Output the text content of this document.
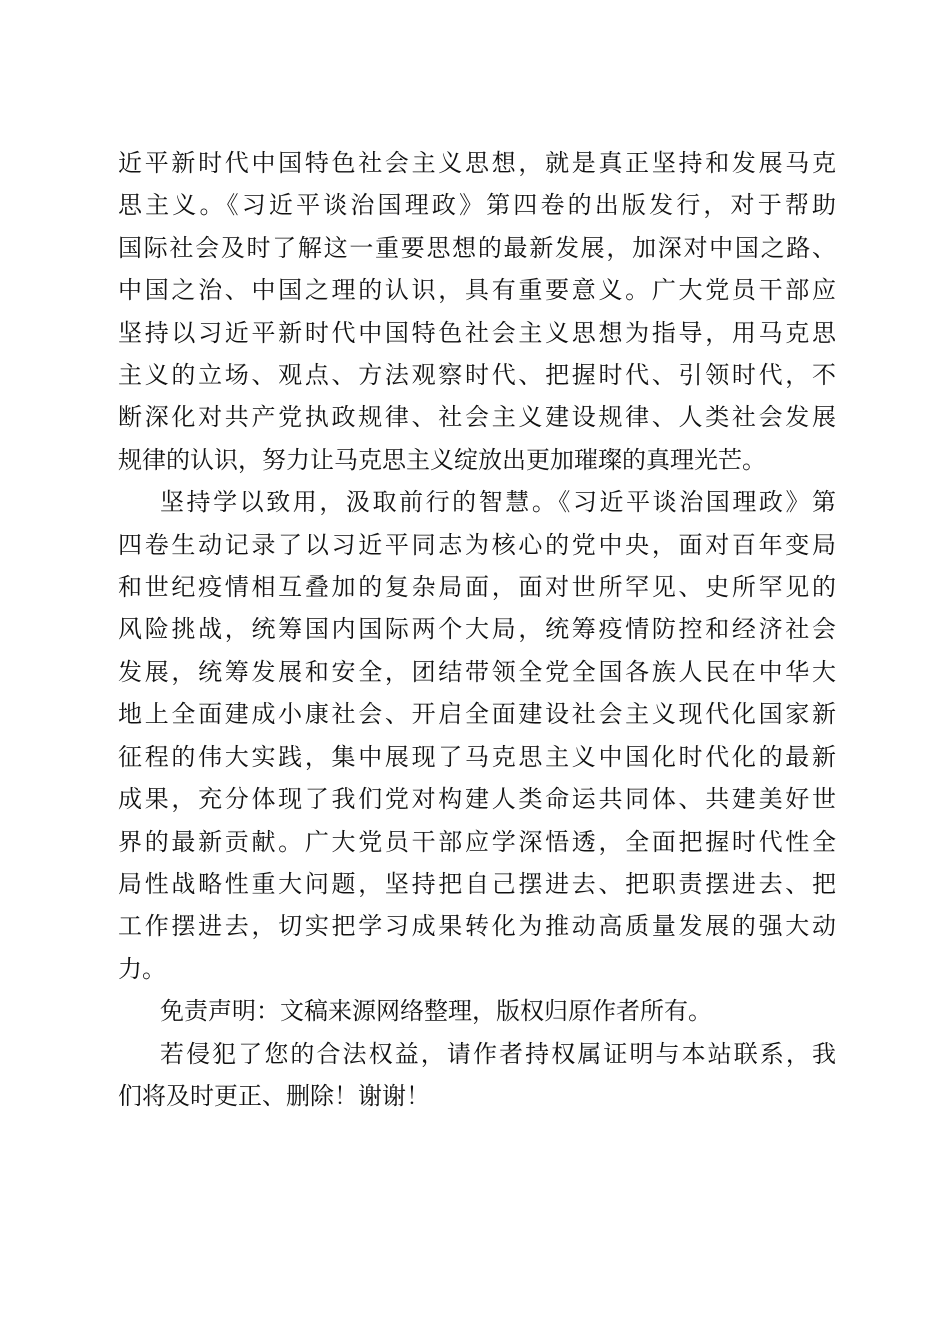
近平新时代中国特色社会主义思想，就是真正坚持和发展马克
思主义。《习近平谈治国理政》第四卷的出版发行，对于帮助
国际社会及时了解这一重要思想的最新发展，加深对中国之路、
中国之治、中国之理的认识，具有重要意义。广大党员干部应
坚持以习近平新时代中国特色社会主义思想为指导，用马克思
主义的立场、观点、方法观察时代、把握时代、引领时代，不
断深化对共产党执政规律、社会主义建设规律、人类社会发展
规律的认识，努力让马克思主义绽放出更加璀璨的真理光芒。
坚持学以致用，汲取前行的智慧。《习近平谈治国理政》第
四卷生动记录了以习近平同志为核心的党中央，面对百年变局
和世纪疫情相互叠加的复杂局面，面对世所罕见、史所罕见的
风险挑战，统筹国内国际两个大局，统筹疫情防控和经济社会
发展，统筹发展和安全，团结带领全党全国各族人民在中华大
地上全面建成小康社会、开启全面建设社会主义现代化国家新
征程的伟大实践，集中展现了马克思主义中国化时代化的最新
成果，充分体现了我们党对构建人类命运共同体、共建美好世
界的最新贡献。广大党员干部应学深悟透，全面把握时代性全
局性战略性重大问题，坚持把自己摆进去、把职责摆进去、把
工作摆进去，切实把学习成果转化为推动高质量发展的强大动
力。
免责声明：文稿来源网络整理，版权归原作者所有。
若侵犯了您的合法权益，请作者持权属证明与本站联系，我
们将及时更正、删除！谢谢！
